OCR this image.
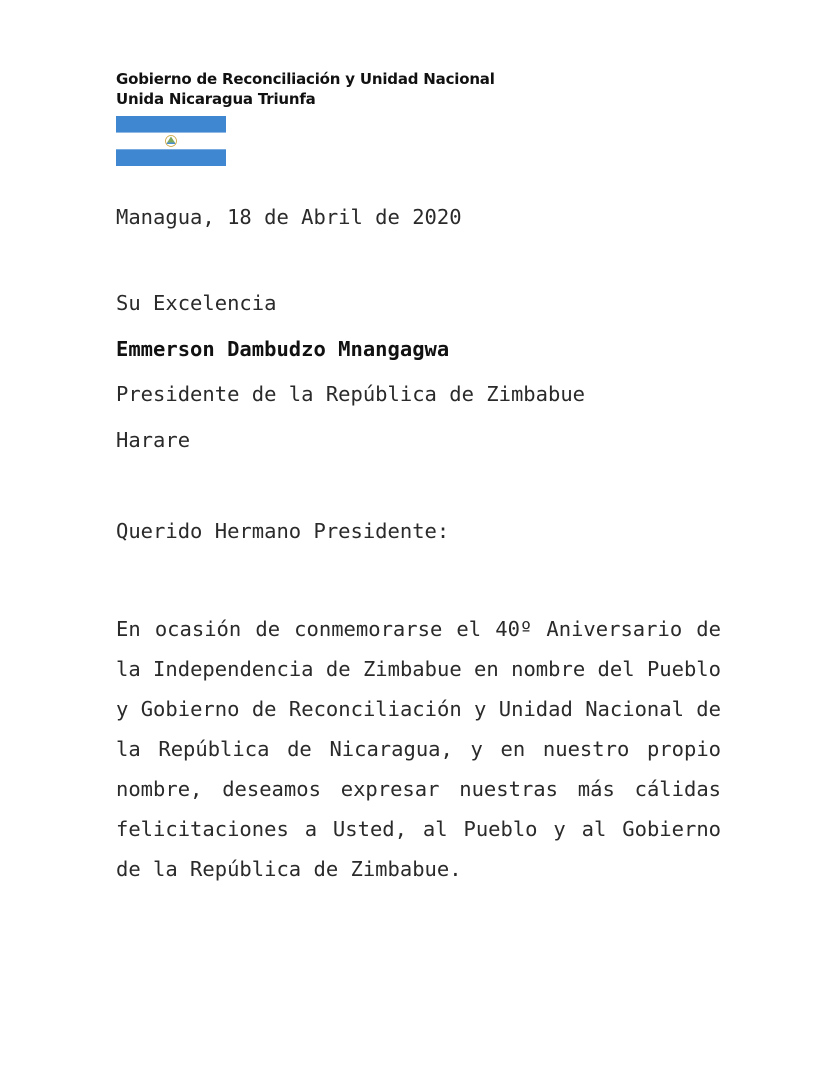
Gobierno de Reconciliación y Unidad Nacional
Unida Nicaragua Triunfa
Managua, 18 de Abril de 2020
Su Excelencia
Emmerson Dambudzo Mnangagwa
Presidente de la República de Zimbabue
Harare
Querido Hermano Presidente:
En ocasión de conmemorarse el 40º Aniversario de la Independencia de Zimbabue en nombre del Pueblo y Gobierno de Reconciliación y Unidad Nacional de la República de Nicaragua, y en nuestro propio nombre, deseamos expresar nuestras más cálidas felicitaciones a Usted, al Pueblo y al Gobierno de la República de Zimbabue.
